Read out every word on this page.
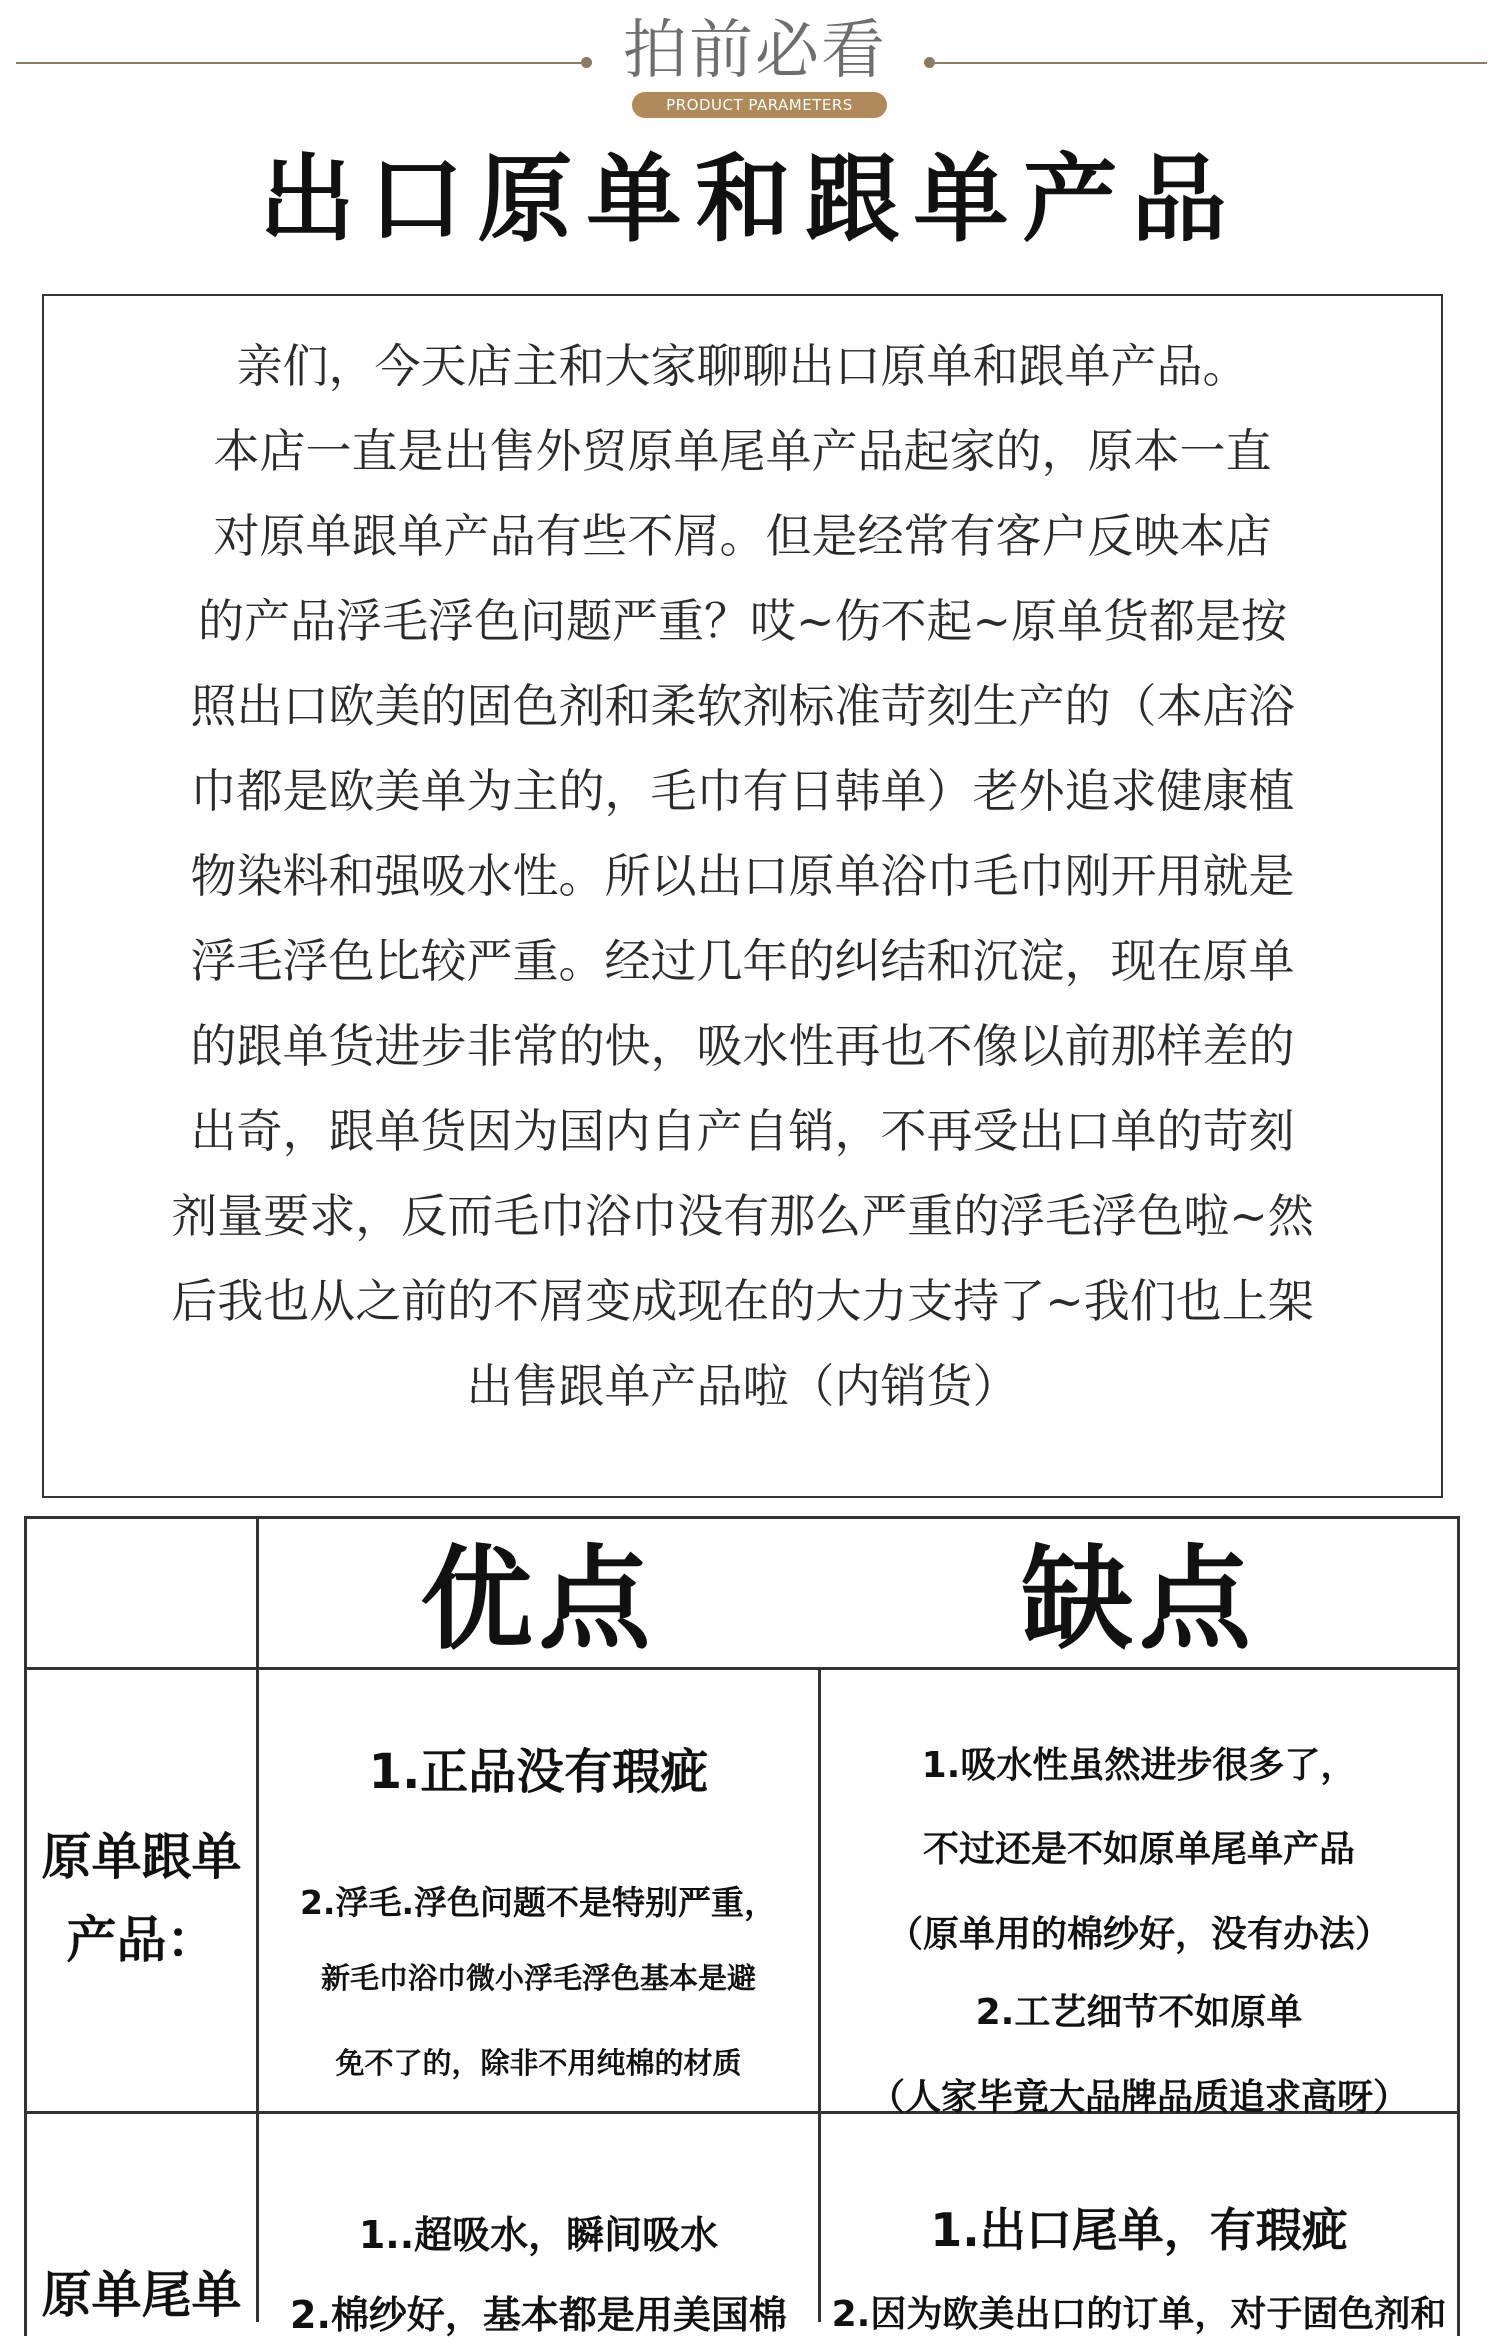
拍前必看
PRODUCT PARAMETERS
出口原单和跟单产品
亲们，今天店主和大家聊聊出口原单和跟单产品。
本店一直是出售外贸原单尾单产品起家的，原本一直
对原单跟单产品有些不屑。但是经常有客户反映本店
的产品浮毛浮色问题严重？哎~伤不起~原单货都是按
照出口欧美的固色剂和柔软剂标准苛刻生产的（本店浴
巾都是欧美单为主的，毛巾有日韩单）老外追求健康植
物染料和强吸水性。所以出口原单浴巾毛巾刚开用就是
浮毛浮色比较严重。经过几年的纠结和沉淀，现在原单
的跟单货进步非常的快，吸水性再也不像以前那样差的
出奇，跟单货因为国内自产自销，不再受出口单的苛刻
剂量要求，反而毛巾浴巾没有那么严重的浮毛浮色啦~然
后我也从之前的不屑变成现在的大力支持了~我们也上架
出售跟单产品啦（内销货）
优点	缺点
原单跟单
产品：
1.正品没有瑕疵
2.浮毛.浮色问题不是特别严重，
新毛巾浴巾微小浮毛浮色基本是避
免不了的，除非不用纯棉的材质
1.吸水性虽然进步很多了，
不过还是不如原单尾单产品
（原单用的棉纱好，没有办法）
2.工艺细节不如原单
（人家毕竟大品牌品质追求高呀）
原单尾单
1..超吸水，瞬间吸水
2.棉纱好，基本都是用美国棉
1.出口尾单，有瑕疵
2.因为欧美出口的订单，对于固色剂和
